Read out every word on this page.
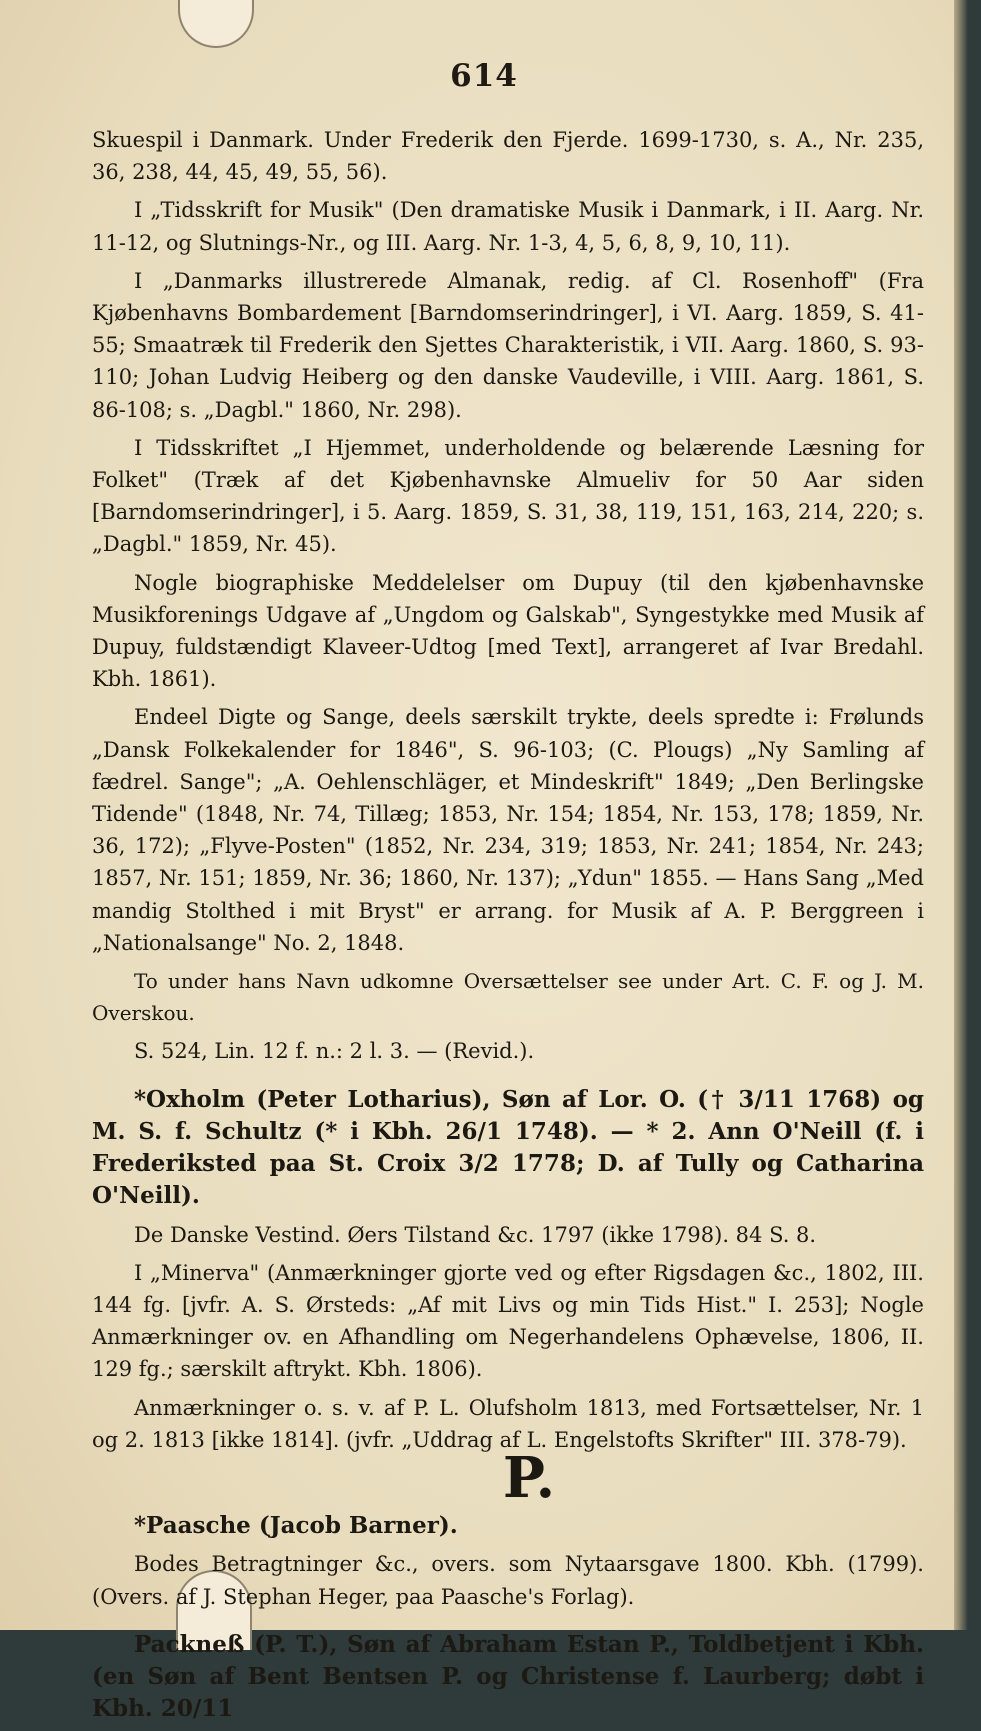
614

Skuespil i Danmark. Under Frederik den Fjerde. 1699-1730, s. A., Nr. 235, 36, 238, 44, 45, 49, 55, 56).

I „Tidsskrift for Musik" (Den dramatiske Musik i Danmark, i II. Aarg. Nr. 11-12, og Slutnings-Nr., og III. Aarg. Nr. 1-3, 4, 5, 6, 8, 9, 10, 11).

I „Danmarks illustrerede Almanak, redig. af Cl. Rosenhoff" (Fra Kjøbenhavns Bombardement [Barndomserindringer], i VI. Aarg. 1859, S. 41-55; Smaatræk til Frederik den Sjettes Charakteristik, i VII. Aarg. 1860, S. 93-110; Johan Ludvig Heiberg og den danske Vaudeville, i VIII. Aarg. 1861, S. 86-108; s. „Dagbl." 1860, Nr. 298).

I Tidsskriftet „I Hjemmet, underholdende og belærende Læsning for Folket" (Træk af det Kjøbenhavnske Almueliv for 50 Aar siden [Barndomserindringer], i 5. Aarg. 1859, S. 31, 38, 119, 151, 163, 214, 220; s. „Dagbl." 1859, Nr. 45).

Nogle biographiske Meddelelser om Dupuy (til den kjøbenhavnske Musikforenings Udgave af „Ungdom og Galskab", Syngestykke med Musik af Dupuy, fuldstændigt Klaveer-Udtog [med Text], arrangeret af Ivar Bredahl. Kbh. 1861).

Endeel Digte og Sange, deels særskilt trykte, deels spredte i: Frølunds „Dansk Folkekalender for 1846", S. 96-103; (C. Plougs) „Ny Samling af fædrel. Sange"; „A. Oehlenschläger, et Mindeskrift" 1849; „Den Berlingske Tidende" (1848, Nr. 74, Tillæg; 1853, Nr. 154; 1854, Nr. 153, 178; 1859, Nr. 36, 172); „Flyve-Posten" (1852, Nr. 234, 319; 1853, Nr. 241; 1854, Nr. 243; 1857, Nr. 151; 1859, Nr. 36; 1860, Nr. 137); „Ydun" 1855. — Hans Sang „Med mandig Stolthed i mit Bryst" er arrang. for Musik af A. P. Berggreen i „Nationalsange" No. 2, 1848.

To under hans Navn udkomne Oversættelser see under Art. C. F. og J. M. Overskou.

S. 524, Lin. 12 f. n.: 2 l. 3. — (Revid.).

*Oxholm (Peter Lotharius), Søn af Lor. O. († 3/11 1768) og M. S. f. Schultz (* i Kbh. 26/1 1748). — * 2. Ann O'Neill (f. i Frederiksted paa St. Croix 3/2 1778; D. af Tully og Catharina O'Neill).

De Danske Vestind. Øers Tilstand &c. 1797 (ikke 1798). 84 S. 8.

I „Minerva" (Anmærkninger gjorte ved og efter Rigsdagen &c., 1802, III. 144 fg. [jvfr. A. S. Ørsteds: „Af mit Livs og min Tids Hist." I. 253]; Nogle Anmærkninger ov. en Afhandling om Negerhandelens Ophævelse, 1806, II. 129 fg.; særskilt aftrykt. Kbh. 1806).

Anmærkninger o. s. v. af P. L. Olufsholm 1813, med Fortsættelser, Nr. 1 og 2. 1813 [ikke 1814]. (jvfr. „Uddrag af L. Engelstofts Skrifter" III. 378-79).

P.

*Paasche (Jacob Barner).

Bodes Betragtninger &c., overs. som Nytaarsgave 1800. Kbh. (1799). (Overs. af J. Stephan Heger, paa Paasche's Forlag).

Packneß (P. T.), Søn af Abraham Estan P., Toldbetjent i Kbh. (en Søn af Bent Bentsen P. og Christense f. Laurberg; døbt i Kbh. 20/11
